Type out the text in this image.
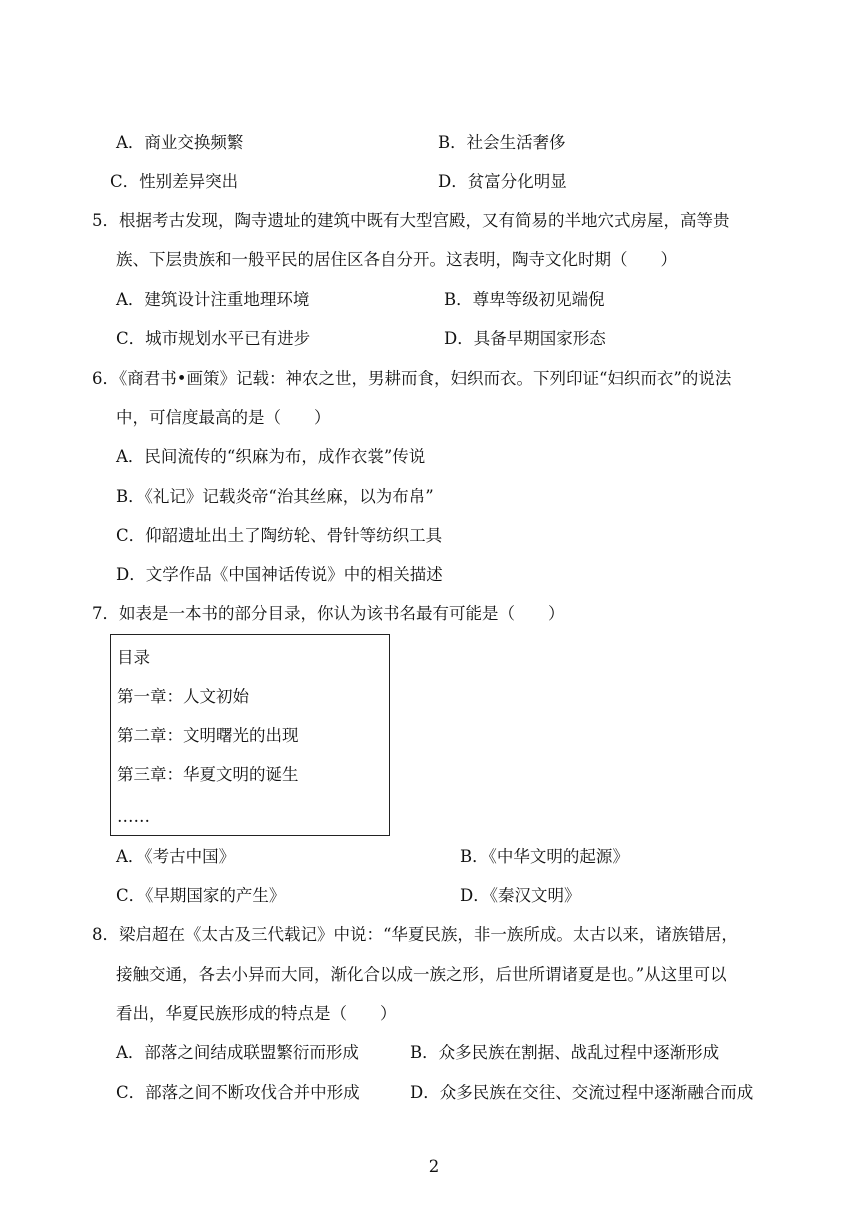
A．商业交换频繁	B．社会生活奢侈
C．性别差异突出	D．贫富分化明显
5．根据考古发现，陶寺遗址的建筑中既有大型宫殿，又有简易的半地穴式房屋，高等贵
族、下层贵族和一般平民的居住区各自分开。这表明，陶寺文化时期（　　）
A．建筑设计注重地理环境	B．尊卑等级初见端倪
C．城市规划水平已有进步	D．具备早期国家形态
6．《商君书•画策》记载：神农之世，男耕而食，妇织而衣。下列印证“妇织而衣”的说法
中，可信度最高的是（　　）
A．民间流传的“织麻为布，成作衣裳”传说
B．《礼记》记载炎帝“治其丝麻，以为布帛”
C．仰韶遗址出土了陶纺轮、骨针等纺织工具
D．文学作品《中国神话传说》中的相关描述
7．如表是一本书的部分目录，你认为该书名最有可能是（　　）
目录
第一章：人文初始
第二章：文明曙光的出现
第三章：华夏文明的诞生
……
A．《考古中国》	B．《中华文明的起源》
C．《早期国家的产生》	D．《秦汉文明》
8．梁启超在《太古及三代载记》中说：“华夏民族，非一族所成。太古以来，诸族错居，
接触交通，各去小异而大同，渐化合以成一族之形，后世所谓诸夏是也。”从这里可以
看出，华夏民族形成的特点是（　　）
A．部落之间结成联盟繁衍而形成	B．众多民族在割据、战乱过程中逐渐形成
C．部落之间不断攻伐合并中形成	D．众多民族在交往、交流过程中逐渐融合而成
2
